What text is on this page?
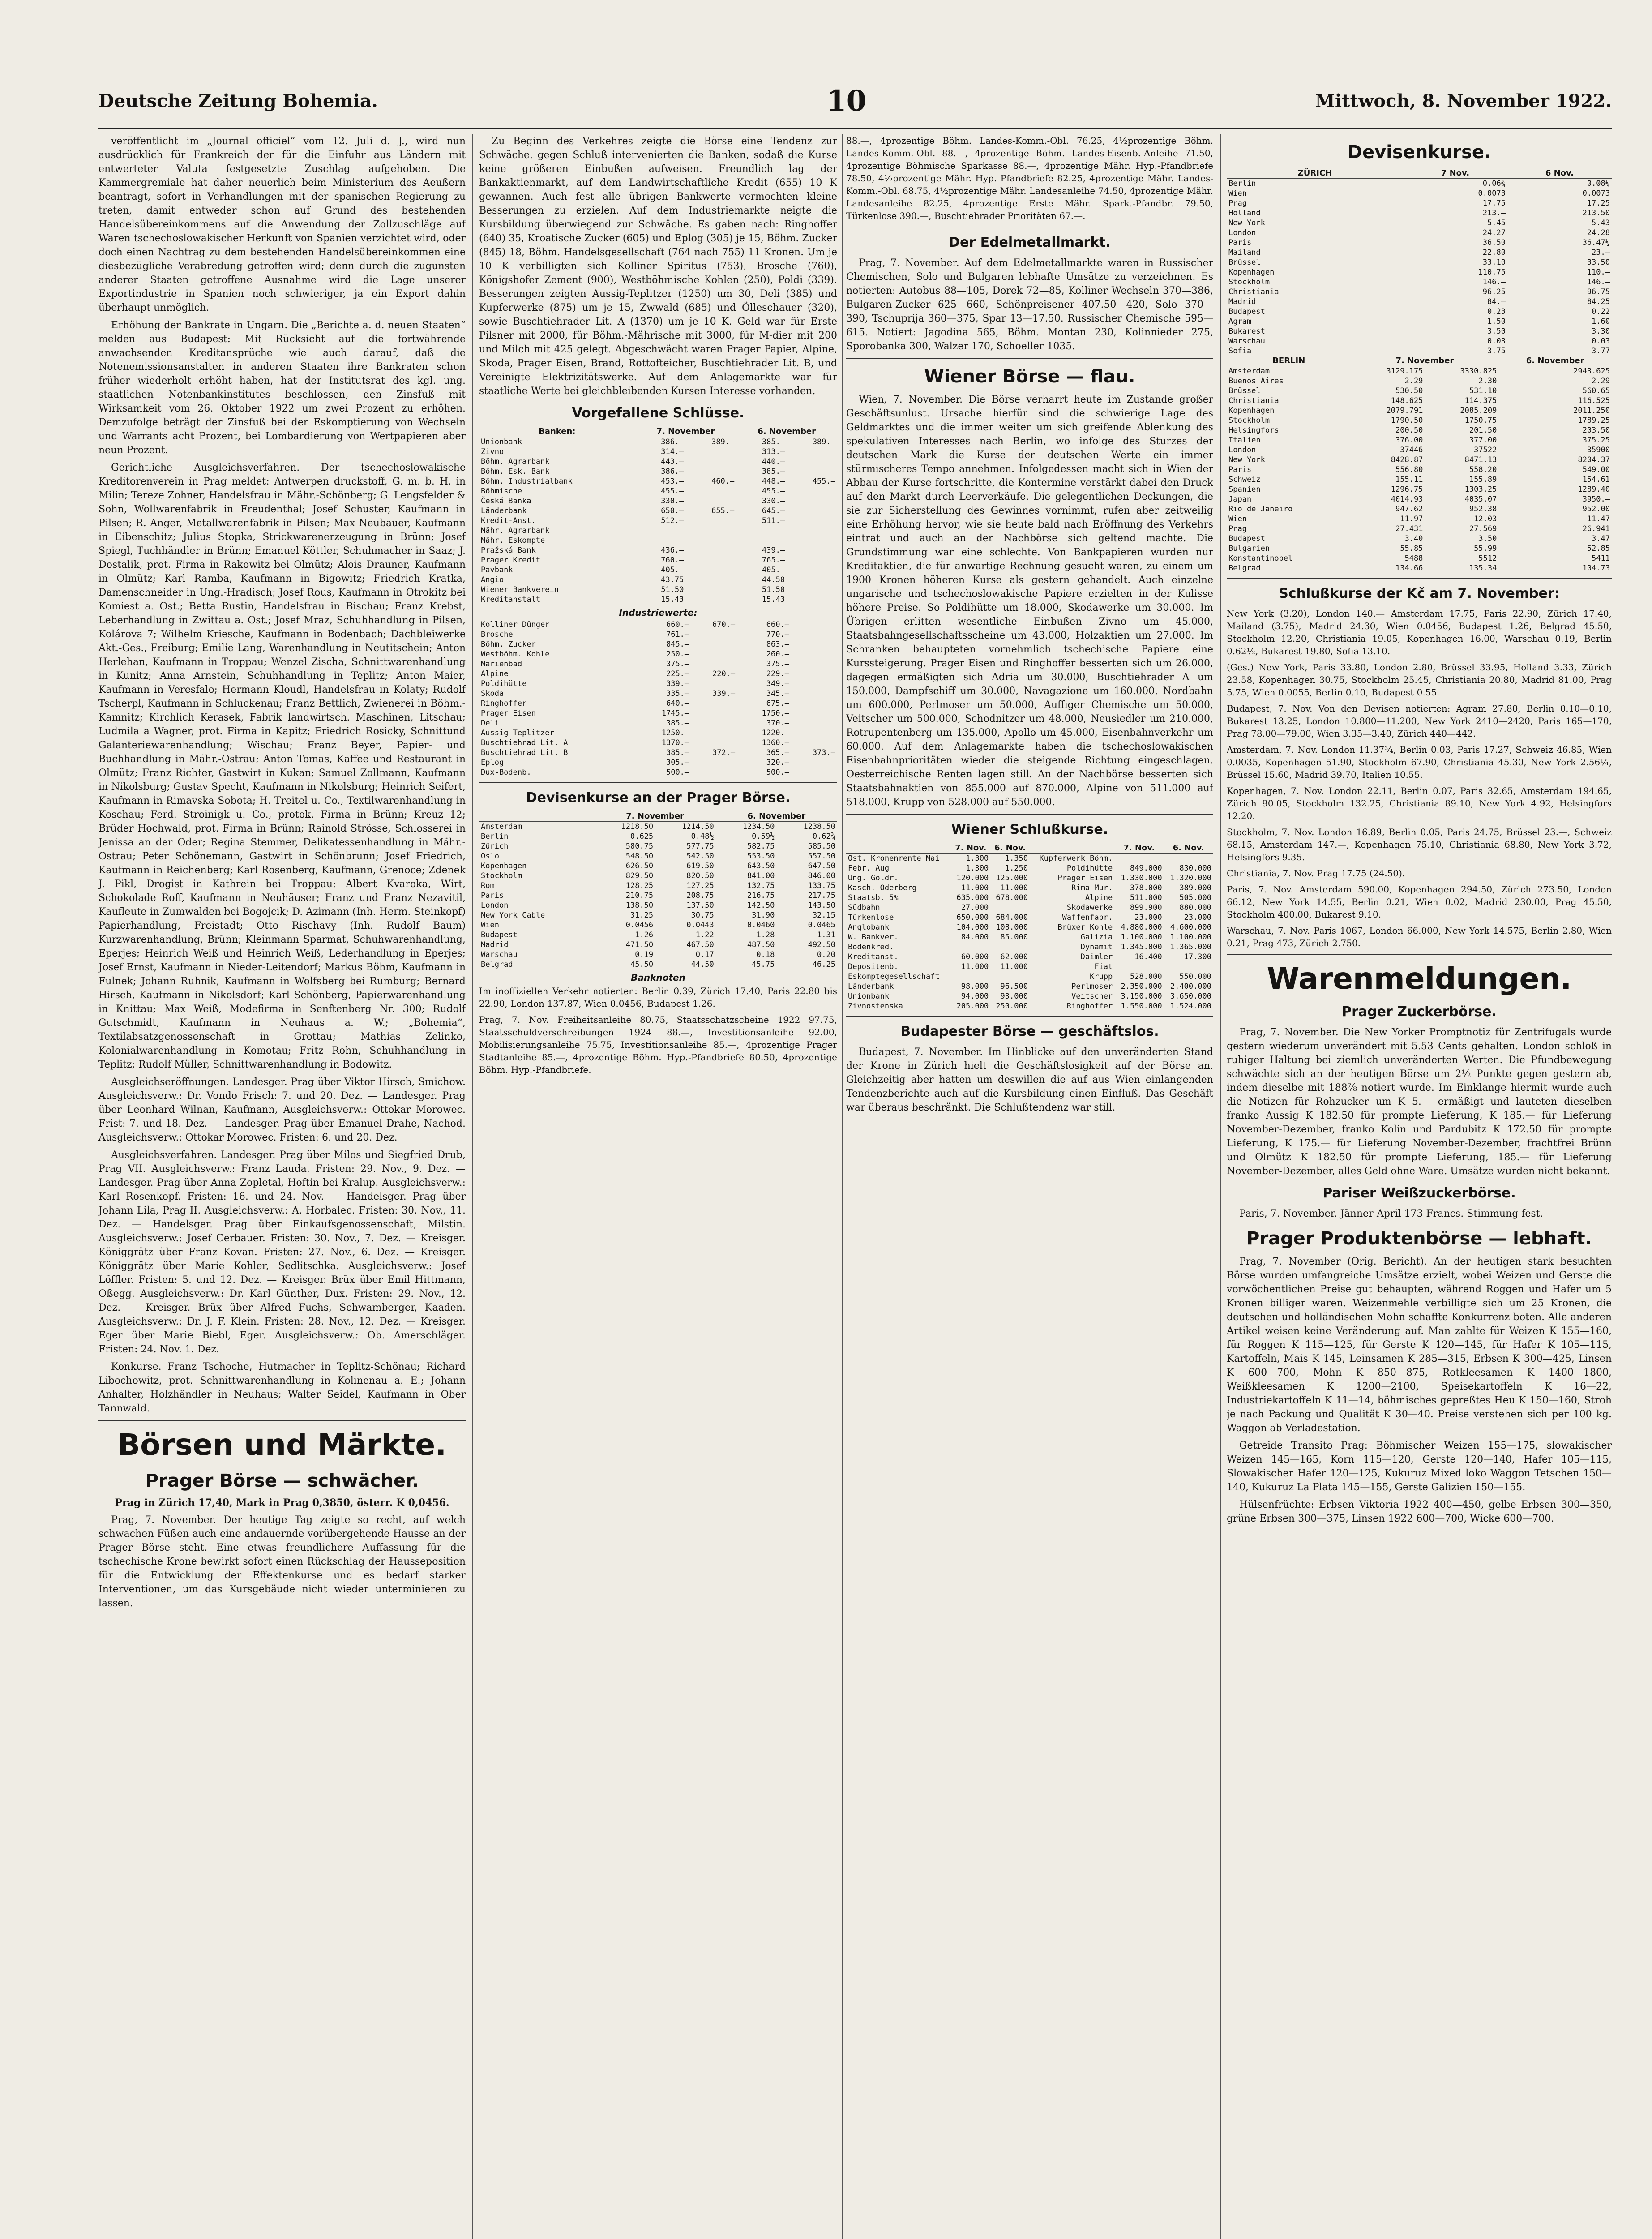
Deutsche Zeitung Bohemia.	10	Mittwoch, 8. November 1922.

veröffentlicht im „Journal officiel“ vom 12. Juli d. J., wird nun ausdrücklich für Frankreich der für die Einfuhr aus Ländern mit entwerteter Valuta festgesetzte Zuschlag aufgehoben. Die Kammergremiale hat daher neuerlich beim Ministerium des Aeußern beantragt, sofort in Verhandlungen mit der spanischen Regierung zu treten, damit entweder schon auf Grund des bestehenden Handelsübereinkommens auf die Anwendung der Zollzuschläge auf Waren tschechoslowakischer Herkunft von Spanien verzichtet wird, oder doch einen Nachtrag zu dem bestehenden Handelsübereinkommen eine diesbezügliche Verabredung getroffen wird; denn durch die zugunsten anderer Staaten getroffene Ausnahme wird die Lage unserer Exportindustrie in Spanien noch schwieriger, ja ein Export dahin überhaupt unmöglich.

Erhöhung der Bankrate in Ungarn. Die „Berichte a. d. neuen Staaten“ melden aus Budapest: Mit Rücksicht auf die fortwährende anwachsenden Kreditansprüche wie auch darauf, daß die Notenemissionsanstalten in anderen Staaten ihre Bankraten schon früher wiederholt erhöht haben, hat der Institutsrat des kgl. ung. staatlichen Notenbankinstitutes beschlossen, den Zinsfuß mit Wirksamkeit vom 26. Oktober 1922 um zwei Prozent zu erhöhen. Demzufolge beträgt der Zinsfuß bei der Eskomptierung von Wechseln und Warrants acht Prozent, bei Lombardierung von Wertpapieren aber neun Prozent.

Gerichtliche Ausgleichsverfahren. Der tschechoslowakische Kreditorenverein in Prag meldet: Antwerpen druckstoff, G. m. b. H. in Milin; Tereze Zohner, Handelsfrau in Mähr.-Schönberg; G. Lengsfelder & Sohn, Wollwarenfabrik in Freudenthal; Josef Schuster, Kaufmann in Pilsen; R. Anger, Metallwarenfabrik in Pilsen; Max Neubauer, Kaufmann in Eibenschitz; Julius Stopka, Strickwarenerzeugung in Brünn; Josef Spiegl, Tuchhändler in Brünn; Emanuel Köttler, Schuhmacher in Saaz; J. Dostalik, prot. Firma in Rakowitz bei Olmütz; Alois Drauner, Kaufmann in Olmütz; Karl Ramba, Kaufmann in Bigowitz; Friedrich Kratka, Damenschneider in Ung.-Hradisch; Josef Rous, Kaufmann in Otrokitz bei Komiest a. Ost.; Betta Rustin, Handelsfrau in Bischau; Franz Krebst, Leberhandlung in Zwittau a. Ost.; Josef Mraz, Schuhhandlung in Pilsen, Kolárova 7; Wilhelm Kriesche, Kaufmann in Bodenbach; Dachbleiwerke Akt.-Ges., Freiburg; Emilie Lang, Warenhandlung in Neutitschein; Anton Herlehan, Kaufmann in Troppau; Wenzel Zischa, Schnittwarenhandlung in Kunitz; Anna Arnstein, Schuhhandlung in Teplitz; Anton Maier, Kaufmann in Veresfalo; Hermann Kloudl, Handelsfrau in Kolaty; Rudolf Tscherpl, Kaufmann in Schluckenau; Franz Bettlich, Zwienerei in Böhm.-Kamnitz; Kirchlich Kerasek, Fabrik landwirtsch. Maschinen, Litschau; Ludmila a Wagner, prot. Firma in Kapitz; Friedrich Rosicky, Schnittund Galanteriewarenhandlung; Wischau; Franz Beyer, Papier- und Buchhandlung in Mähr.-Ostrau; Anton Tomas, Kaffee und Restaurant in Olmütz; Franz Richter, Gastwirt in Kukan; Samuel Zollmann, Kaufmann in Nikolsburg; Gustav Specht, Kaufmann in Nikolsburg; Heinrich Seifert, Kaufmann in Rimavska Sobota; H. Treitel u. Co., Textilwarenhandlung in Koschau; Ferd. Stroinigk u. Co., protok. Firma in Brünn; Kreuz 12; Brüder Hochwald, prot. Firma in Brünn; Rainold Strösse, Schlosserei in Jenissa an der Oder; Regina Stemmer, Delikatessenhandlung in Mähr.-Ostrau; Peter Schönemann, Gastwirt in Schönbrunn; Josef Friedrich, Kaufmann in Reichenberg; Karl Rosenberg, Kaufmann, Grenoce; Zdenek J. Pikl, Drogist in Kathrein bei Troppau; Albert Kvaroka, Wirt, Schokolade Roff, Kaufmann in Neuhäuser; Franz und Franz Nezavitil, Kaufleute in Zumwalden bei Bogojcik; D. Azimann (Inh. Herm. Steinkopf) Papierhandlung, Freistadt; Otto Rischavy (Inh. Rudolf Baum) Kurzwarenhandlung, Brünn; Kleinmann Sparmat, Schuhwarenhandlung, Eperjes; Heinrich Weiß und Heinrich Weiß, Lederhandlung in Eperjes; Josef Ernst, Kaufmann in Nieder-Leitendorf; Markus Böhm, Kaufmann in Fulnek; Johann Ruhnik, Kaufmann in Wolfsberg bei Rumburg; Bernard Hirsch, Kaufmann in Nikolsdorf; Karl Schönberg, Papierwarenhandlung in Knittau; Max Weiß, Modefirma in Senftenberg Nr. 300; Rudolf Gutschmidt, Kaufmann in Neuhaus a. W.; „Bohemia“, Textilabsatzgenossenschaft in Grottau; Mathias Zelinko, Kolonialwarenhandlung in Komotau; Fritz Rohn, Schuhhandlung in Teplitz; Rudolf Müller, Schnittwarenhandlung in Bodowitz.

Ausgleichseröffnungen. Landesger. Prag über Viktor Hirsch, Smichow. Ausgleichsverw.: Dr. Vondo Frisch: 7. und 20. Dez. — Landesger. Prag über Leonhard Wilnan, Kaufmann, Ausgleichsverw.: Ottokar Morowec. Frist: 7. und 18. Dez. — Landesger. Prag über Emanuel Drahe, Nachod. Ausgleichsverw.: Ottokar Morowec. Fristen: 6. und 20. Dez.

Ausgleichsverfahren. Landesger. Prag über Milos und Siegfried Drub, Prag VII. Ausgleichsverw.: Franz Lauda. Fristen: 29. Nov., 9. Dez. — Landesger. Prag über Anna Zopletal, Hoftin bei Kralup. Ausgleichsverw.: Karl Rosenkopf. Fristen: 16. und 24. Nov. — Handelsger. Prag über Johann Lila, Prag II. Ausgleichsverw.: A. Horbalec. Fristen: 30. Nov., 11. Dez. — Handelsger. Prag über Einkaufsgenossenschaft, Milstin. Ausgleichsverw.: Josef Cerbauer. Fristen: 30. Nov., 7. Dez. — Kreisger. Königgrätz über Franz Kovan. Fristen: 27. Nov., 6. Dez. — Kreisger. Königgrätz über Marie Kohler, Sedlitschka. Ausgleichsverw.: Josef Löffler. Fristen: 5. und 12. Dez. — Kreisger. Brüx über Emil Hittmann, Oßegg. Ausgleichsverw.: Dr. Karl Günther, Dux. Fristen: 29. Nov., 12. Dez. — Kreisger. Brüx über Alfred Fuchs, Schwamberger, Kaaden. Ausgleichsverw.: Dr. J. F. Klein. Fristen: 28. Nov., 12. Dez. — Kreisger. Eger über Marie Biebl, Eger. Ausgleichsverw.: Ob. Amerschläger. Fristen: 24. Nov. 1. Dez.

Konkurse. Franz Tschoche, Hutmacher in Teplitz-Schönau; Richard Libochowitz, prot. Schnittwarenhandlung in Kolinenau a. E.; Johann Anhalter, Holzhändler in Neuhaus; Walter Seidel, Kaufmann in Ober Tannwald.

Börsen und Märkte.
Prager Börse — schwächer.
Prag in Zürich 17,40, Mark in Prag 0,3850, österr. K 0,0456.

Prag, 7. November. Der heutige Tag zeigte so recht, auf welch schwachen Füßen auch eine andauernde vorübergehende Hausse an der Prager Börse steht. Eine etwas freundlichere Auffassung für die tschechische Krone bewirkt sofort einen Rückschlag der Hausseposition für die Entwicklung der Effektenkurse und es bedarf starker Interventionen, um das Kursgebäude nicht wieder unterminieren zu lassen.

Zu Beginn des Verkehres zeigte die Börse eine Tendenz zur Schwäche, gegen Schluß intervenierten die Banken, sodaß die Kurse keine größeren Einbußen aufweisen. Freundlich lag der Bankaktienmarkt, auf dem Landwirtschaftliche Kredit (655) 10 K gewannen. Auch fest alle übrigen Bankwerte vermochten kleine Besserungen zu erzielen. Auf dem Industriemarkte neigte die Kursbildung überwiegend zur Schwäche. Es gaben nach: Ringhoffer (640) 35, Kroatische Zucker (605) und Eplog (305) je 15, Böhm. Zucker (845) 18, Böhm. Handelsgesellschaft (764 nach 755) 11 Kronen. Um je 10 K verbilligten sich Kolliner Spiritus (753), Brosche (760), Königshofer Zement (900), Westböhmische Kohlen (250), Poldi (339). Besserungen zeigten Aussig-Teplitzer (1250) um 30, Deli (385) und Kupferwerke (875) um je 15, Zwwald (685) und Ölleschauer (320), sowie Buschtiehrader Lit. A (1370) um je 10 K. Geld war für Erste Pilsner mit 2000, für Böhm.-Mährische mit 3000, für M-dier mit 200 und Milch mit 425 gelegt. Abgeschwächt waren Prager Papier, Alpine, Skoda, Prager Eisen, Brand, Rottofteicher, Buschtiehrader Lit. B, und Vereinigte Elektrizitätswerke. Auf dem Anlagemarkte war für staatliche Werte bei gleichbleibenden Kursen Interesse vorhanden.

Vorgefallene Schlüsse.
Banken:	7. November		6. November	
Unionbank	386.—	389.—	385.—	389.—
Zivno	314.—		313.—	
Böhm. Agrarbank	443.—		440.—	
Böhm. Esk. Bank	386.—		385.—	
Böhm. Industrialbank	453.—	460.—	448.—	455.—
Böhmische	455.—		455.—	
Česká Banka	330.—		330.—	
Länderbank	650.—	655.—	645.—	
Kredit-Anst.	512.—		511.—	
Mähr. Agrarbank				
Mähr. Eskompte				
Pražská Bank	436.—		439.—	
Prager Kredit	760.—		765.—	
Pavbank	405.—		405.—	
Angio	43.75		44.50	
Wiener Bankverein	51.50		51.50	
Kreditanstalt	15.43		15.43	
Industriewerte:
Kolliner Dünger	660.—	670.—	660.—	
Brosche	761.—		770.—	
Böhm. Zucker	845.—		863.—	
Westböhm. Kohle	250.—		260.—	
Marienbad	375.—		375.—	
Alpine	225.—	220.—	229.—	
Poldihütte	339.—		349.—	
Skoda	335.—	339.—	345.—	
Ringhoffer	640.—		675.—	
Prager Eisen	1745.—		1750.—	
Deli	385.—		370.—	
Aussig-Teplitzer	1250.—		1220.—	
Buschtiehrad Lit. A	1370.—		1360.—	
Buschtiehrad Lit. B	385.—	372.—	365.—	373.—
Eplog	305.—		320.—	
Dux-Bodenb.	500.—		500.—	
Devisenkurse an der Prager Börse.
	7. November		6. November	
Amsterdam	1218.50	1214.50	1234.50	1238.50
Berlin	0.625	0.48½	0.59½	0.62¾
Zürich	580.75	577.75	582.75	585.50
Oslo	548.50	542.50	553.50	557.50
Kopenhagen	626.50	619.50	643.50	647.50
Stockholm	829.50	820.50	841.00	846.00
Rom	128.25	127.25	132.75	133.75
Paris	210.75	208.75	216.75	217.75
London	138.50	137.50	142.50	143.50
New York Cable	31.25	30.75	31.90	32.15
Wien	0.0456	0.0443	0.0460	0.0465
Budapest	1.26	1.22	1.28	1.31
Madrid	471.50	467.50	487.50	492.50
Warschau	0.19	0.17	0.18	0.20
Belgrad	45.50	44.50	45.75	46.25
Banknoten

Im inoffiziellen Verkehr notierten: Berlin 0.39, Zürich 17.40, Paris 22.80 bis 22.90, London 137.87, Wien 0.0456, Budapest 1.26.

Prag, 7. Nov. Freiheitsanleihe 80.75, Staatsschatzscheine 1922 97.75, Staatsschuldverschreibungen 1924 88.—, Investitionsanleihe 92.00, Mobilisierungsanleihe 75.75, Investitionsanleihe 85.—, 4prozentige Prager Stadtanleihe 85.—, 4prozentige Böhm. Hyp.-Pfandbriefe 80.50, 4prozentige Böhm. Hyp.-Pfandbriefe.

88.—, 4prozentige Böhm. Landes-Komm.-Obl. 76.25, 4½prozentige Böhm. Landes-Komm.-Obl. 88.—, 4prozentige Böhm. Landes-Eisenb.-Anleihe 71.50, 4prozentige Böhmische Sparkasse 88.—, 4prozentige Mähr. Hyp.-Pfandbriefe 78.50, 4½prozentige Mähr. Hyp. Pfandbriefe 82.25, 4prozentige Mähr. Landes-Komm.-Obl. 68.75, 4½prozentige Mähr. Landesanleihe 74.50, 4prozentige Mähr. Landesanleihe 82.25, 4prozentige Erste Mähr. Spark.-Pfandbr. 79.50, Türkenlose 390.—, Buschtiehrader Prioritäten 67.—.

Der Edelmetallmarkt.

Prag, 7. November. Auf dem Edelmetallmarkte waren in Russischer Chemischen, Solo und Bulgaren lebhafte Umsätze zu verzeichnen. Es notierten: Autobus 88—105, Dorek 72—85, Kolliner Wechseln 370—386, Bulgaren-Zucker 625—660, Schönpreisener 407.50—420, Solo 370—390, Tschuprija 360—375, Spar 13—17.50. Russischer Chemische 595—615. Notiert: Jagodina 565, Böhm. Montan 230, Kolinnieder 275, Sporobanka 300, Walzer 170, Schoeller 1035.

Wiener Börse — flau.

Wien, 7. November. Die Börse verharrt heute im Zustande großer Geschäftsunlust. Ursache hierfür sind die schwierige Lage des Geldmarktes und die immer weiter um sich greifende Ablenkung des spekulativen Interesses nach Berlin, wo infolge des Sturzes der deutschen Mark die Kurse der deutschen Werte ein immer stürmischeres Tempo annehmen. Infolgedessen macht sich in Wien der Abbau der Kurse fortschritte, die Kontermine verstärkt dabei den Druck auf den Markt durch Leerverkäufe. Die gelegentlichen Deckungen, die sie zur Sicherstellung des Gewinnes vornimmt, rufen aber zeitweilig eine Erhöhung hervor, wie sie heute bald nach Eröffnung des Verkehrs eintrat und auch an der Nachbörse sich geltend machte. Die Grundstimmung war eine schlechte. Von Bankpapieren wurden nur Kreditaktien, die für anwartige Rechnung gesucht waren, zu einem um 1900 Kronen höheren Kurse als gestern gehandelt. Auch einzelne ungarische und tschechoslowakische Papiere erzielten in der Kulisse höhere Preise. So Poldihütte um 18.000, Skodawerke um 30.000. Im Übrigen erlitten wesentliche Einbußen Zivno um 45.000, Staatsbahngesellschaftsscheine um 43.000, Holzaktien um 27.000. Im Schranken behaupteten vornehmlich tschechische Papiere eine Kurssteigerung. Prager Eisen und Ringhoffer besserten sich um 26.000, dagegen ermäßigten sich Adria um 30.000, Buschtiehrader A um 150.000, Dampfschiff um 30.000, Navagazione um 160.000, Nordbahn um 600.000, Perlmoser um 50.000, Auffiger Chemische um 50.000, Veitscher um 500.000, Schodnitzer um 48.000, Neusiedler um 210.000, Rotrupentenberg um 135.000, Apollo um 45.000, Eisenbahnverkehr um 60.000. Auf dem Anlagemarkte haben die tschechoslowakischen Eisenbahnprioritäten wieder die steigende Richtung eingeschlagen. Oesterreichische Renten lagen still. An der Nachbörse besserten sich Staatsbahnaktien von 855.000 auf 870.000, Alpine von 511.000 auf 518.000, Krupp von 528.000 auf 550.000.

Wiener Schlußkurse.
	7. Nov.	6. Nov.		7. Nov.	6. Nov.
Öst. Kronenrente Mai	1.300	1.350	Kupferwerk Böhm.		
Febr. Aug	1.300	1.250	Poldihütte	849.000	830.000
Ung. Goldr.	120.000	125.000	Prager Eisen	1.330.000	1.320.000
Kasch.-Oderberg	11.000	11.000	Rima-Mur.	378.000	389.000
Staatsb. 5%	635.000	678.000	Alpine	511.000	505.000
Südbahn	27.000		Skodawerke	899.900	880.000
Türkenlose	650.000	684.000	Waffenfabr.	23.000	23.000
Anglobank	104.000	108.000	Brüxer Kohle	4.880.000	4.600.000
W. Bankver.	84.000	85.000	Galizia	1.100.000	1.100.000
Bodenkred.			Dynamit	1.345.000	1.365.000
Kreditanst.	60.000	62.000	Daimler	16.400	17.300
Depositenb.	11.000	11.000	Fiat		
Eskomptegesellschaft			Krupp	528.000	550.000
Länderbank	98.000	96.500	Perlmoser	2.350.000	2.400.000
Unionbank	94.000	93.000	Veitscher	3.150.000	3.650.000
Zivnostenska	205.000	250.000	Ringhoffer	1.550.000	1.524.000
Budapester Börse — geschäftslos.

Budapest, 7. November. Im Hinblicke auf den unveränderten Stand der Krone in Zürich hielt die Geschäftslosigkeit auf der Börse an. Gleichzeitig aber hatten um deswillen die auf aus Wien einlangenden Tendenzberichte auch auf die Kursbildung einen Einfluß. Das Geschäft war überaus beschränkt. Die Schlußtendenz war still.

Devisenkurse.
ZÜRICH	7 Nov.	6 Nov.
Berlin	0.06¾	0.08¼
Wien	0.0073	0.0073
Prag	17.75	17.25
Holland	213.—	213.50
New York	5.45	5.43
London	24.27	24.28
Paris	36.50	36.47½
Mailand	22.80	23.—
Brüssel	33.10	33.50
Kopenhagen	110.75	110.—
Stockholm	146.—	146.—
Christiania	96.25	96.75
Madrid	84.—	84.25
Budapest	0.23	0.22
Agram	1.50	1.60
Bukarest	3.50	3.30
Warschau	0.03	0.03
Sofia	3.75	3.77
BERLIN	7. November		6. November
Amsterdam	3129.175	3330.825	2943.625
Buenos Aires	2.29	2.30	2.29
Brüssel	530.50	531.10	560.65
Christiania	148.625	114.375	116.525
Kopenhagen	2079.791	2085.209	2011.250
Stockholm	1790.50	1750.75	1789.25
Helsingfors	200.50	201.50	203.50
Italien	376.00	377.00	375.25
London	37446	37522	35900
New York	8428.87	8471.13	8204.37
Paris	556.80	558.20	549.00
Schweiz	155.11	155.89	154.61
Spanien	1296.75	1303.25	1289.40
Japan	4014.93	4035.07	3950.—
Rio de Janeiro	947.62	952.38	952.00
Wien	11.97	12.03	11.47
Prag	27.431	27.569	26.941
Budapest	3.40	3.50	3.47
Bulgarien	55.85	55.99	52.85
Konstantinopel	5488	5512	5411
Belgrad	134.66	135.34	104.73
Schlußkurse der Kč am 7. November:

New York (3.20), London 140.— Amsterdam 17.75, Paris 22.90, Zürich 17.40, Mailand (3.75), Madrid 24.30, Wien 0.0456, Budapest 1.26, Belgrad 45.50, Stockholm 12.20, Christiania 19.05, Kopenhagen 16.00, Warschau 0.19, Berlin 0.62½, Bukarest 19.80, Sofia 13.10.

(Ges.) New York, Paris 33.80, London 2.80, Brüssel 33.95, Holland 3.33, Zürich 23.58, Kopenhagen 30.75, Stockholm 25.45, Christiania 20.80, Madrid 81.00, Prag 5.75, Wien 0.0055, Berlin 0.10, Budapest 0.55.

Budapest, 7. Nov. Von den Devisen notierten: Agram 27.80, Berlin 0.10—0.10, Bukarest 13.25, London 10.800—11.200, New York 2410—2420, Paris 165—170, Prag 78.00—79.00, Wien 3.35—3.40, Zürich 440—442.

Amsterdam, 7. Nov. London 11.37¾, Berlin 0.03, Paris 17.27, Schweiz 46.85, Wien 0.0035, Kopenhagen 51.90, Stockholm 67.90, Christiania 45.30, New York 2.56¼, Brüssel 15.60, Madrid 39.70, Italien 10.55.

Kopenhagen, 7. Nov. London 22.11, Berlin 0.07, Paris 32.65, Amsterdam 194.65, Zürich 90.05, Stockholm 132.25, Christiania 89.10, New York 4.92, Helsingfors 12.20.

Stockholm, 7. Nov. London 16.89, Berlin 0.05, Paris 24.75, Brüssel 23.—, Schweiz 68.15, Amsterdam 147.—, Kopenhagen 75.10, Christiania 68.80, New York 3.72, Helsingfors 9.35.

Christiania, 7. Nov. Prag 17.75 (24.50).

Paris, 7. Nov. Amsterdam 590.00, Kopenhagen 294.50, Zürich 273.50, London 66.12, New York 14.55, Berlin 0.21, Wien 0.02, Madrid 230.00, Prag 45.50, Stockholm 400.00, Bukarest 9.10.

Warschau, 7. Nov. Paris 1067, London 66.000, New York 14.575, Berlin 2.80, Wien 0.21, Prag 473, Zürich 2.750.

Warenmeldungen.
Prager Zuckerbörse.

Prag, 7. November. Die New Yorker Promptnotiz für Zentrifugals wurde gestern wiederum unverändert mit 5.53 Cents gehalten. London schloß in ruhiger Haltung bei ziemlich unveränderten Werten. Die Pfundbewegung schwächte sich an der heutigen Börse um 2½ Punkte gegen gestern ab, indem dieselbe mit 188⅞ notiert wurde. Im Einklange hiermit wurde auch die Notizen für Rohzucker um K 5.— ermäßigt und lauteten dieselben franko Aussig K 182.50 für prompte Lieferung, K 185.— für Lieferung November-Dezember, franko Kolin und Pardubitz K 172.50 für prompte Lieferung, K 175.— für Lieferung November-Dezember, frachtfrei Brünn und Olmütz K 182.50 für prompte Lieferung, 185.— für Lieferung November-Dezember, alles Geld ohne Ware. Umsätze wurden nicht bekannt.

Pariser Weißzuckerbörse.

Paris, 7. November. Jänner-April 173 Francs. Stimmung fest.

Prager Produktenbörse — lebhaft.

Prag, 7. November (Orig. Bericht). An der heutigen stark besuchten Börse wurden umfangreiche Umsätze erzielt, wobei Weizen und Gerste die vorwöchentlichen Preise gut behaupten, während Roggen und Hafer um 5 Kronen billiger waren. Weizenmehle verbilligte sich um 25 Kronen, die deutschen und holländischen Mohn schaffte Konkurrenz boten. Alle anderen Artikel weisen keine Veränderung auf. Man zahlte für Weizen K 155—160, für Roggen K 115—125, für Gerste K 120—145, für Hafer K 105—115, Kartoffeln, Mais K 145, Leinsamen K 285—315, Erbsen K 300—425, Linsen K 600—700, Mohn K 850—875, Rotkleesamen K 1400—1800, Weißkleesamen K 1200—2100, Speisekartoffeln K 16—22, Industriekartoffeln K 11—14, böhmisches gepreßtes Heu K 150—160, Stroh je nach Packung und Qualität K 30—40. Preise verstehen sich per 100 kg. Waggon ab Verladestation.

Getreide Transito Prag: Böhmischer Weizen 155—175, slowakischer Weizen 145—165, Korn 115—120, Gerste 120—140, Hafer 105—115, Slowakischer Hafer 120—125, Kukuruz Mixed loko Waggon Tetschen 150—140, Kukuruz La Plata 145—155, Gerste Galizien 150—155.

Hülsenfrüchte: Erbsen Viktoria 1922 400—450, gelbe Erbsen 300—350, grüne Erbsen 300—375, Linsen 1922 600—700, Wicke 600—700.
